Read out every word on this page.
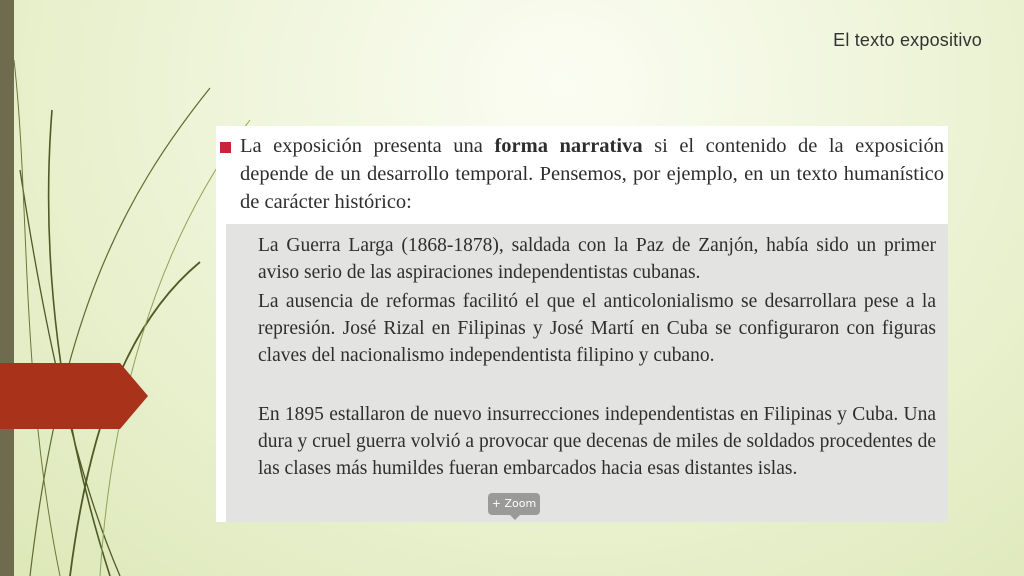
El texto expositivo

La exposición presenta una forma narrativa si el contenido de la exposición depende de un desarrollo temporal. Pensemos, por ejemplo, en un texto humanístico de carácter histórico:

La Guerra Larga (1868-1878), saldada con la Paz de Zanjón, había sido un primer aviso serio de las aspiraciones independentistas cubanas.

La ausencia de reformas facilitó el que el anticolonialismo se desarrollara pese a la represión. José Rizal en Filipinas y José Martí en Cuba se configuraron con figuras claves del nacionalismo independentista filipino y cubano.

En 1895 estallaron de nuevo insurrecciones independentistas en Filipinas y Cuba. Una dura y cruel guerra volvió a provocar que decenas de miles de soldados procedentes de las clases más humildes fueran embarcados hacia esas distantes islas.

+ Zoom
